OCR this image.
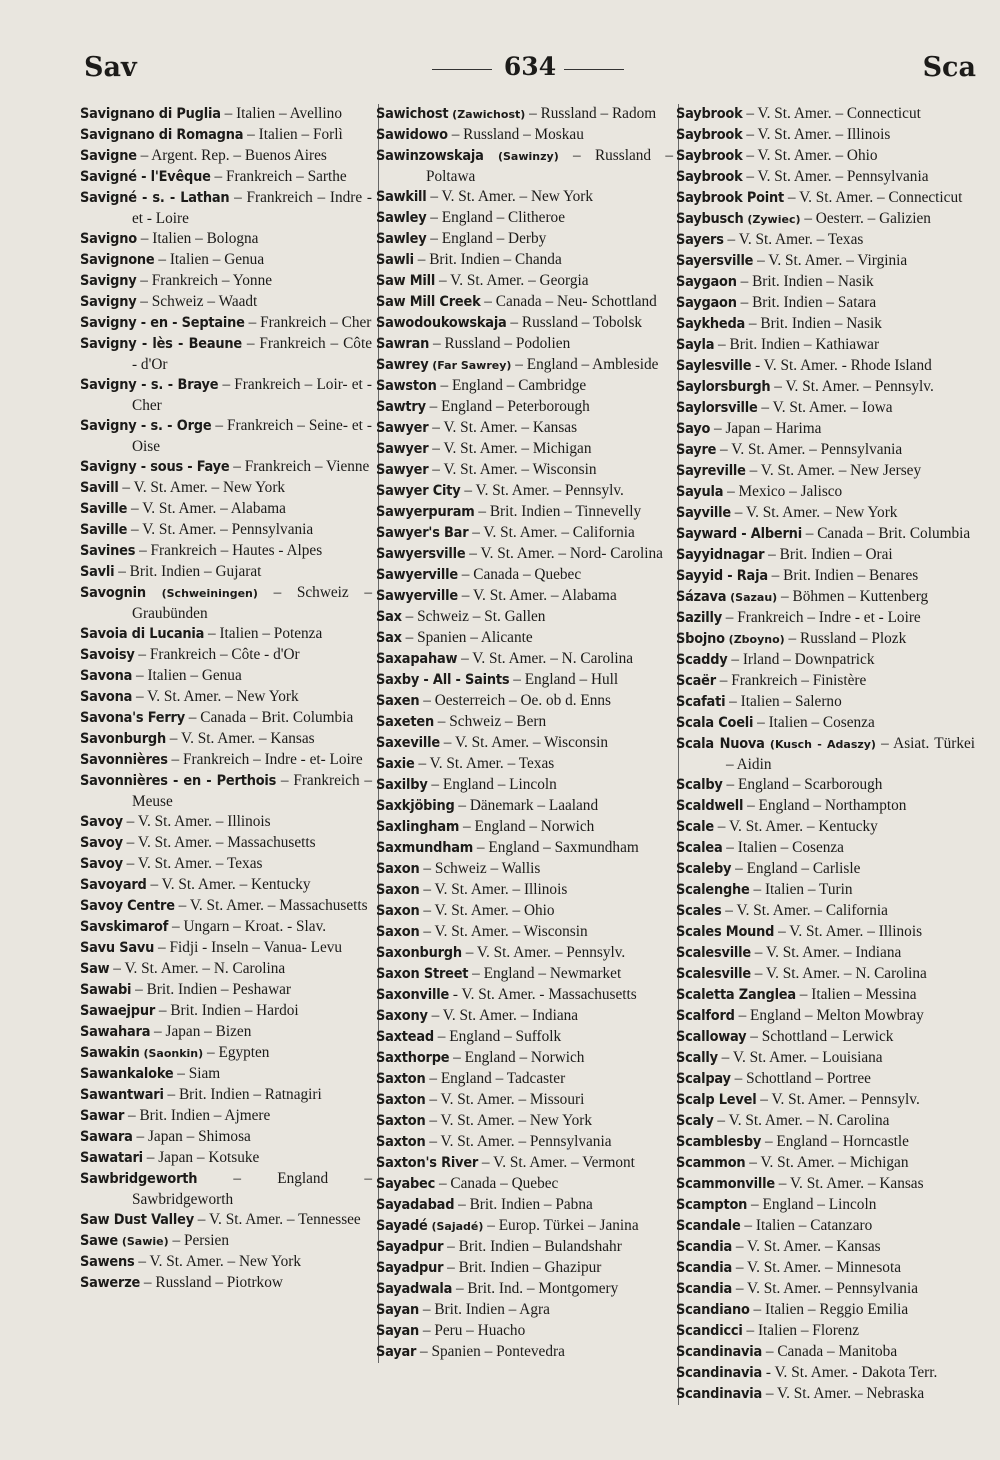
Sav	634	Sca
Savignano di Puglia – Italien – Avellino
Savignano di Romagna – Italien – Forlì
Savigne – Argent. Rep. – Buenos Aires
Savigné - l'Evêque – Frankreich – Sarthe
Savigné - s. - Lathan – Frankreich – Indre - et - Loire
Savigno – Italien – Bologna
Savignone – Italien – Genua
Savigny – Frankreich – Yonne
Savigny – Schweiz – Waadt
Savigny - en - Septaine – Frankreich – Cher
Savigny - lès - Beaune – Frankreich – Côte - d'Or
Savigny - s. - Braye – Frankreich – Loir- et - Cher
Savigny - s. - Orge – Frankreich – Seine- et - Oise
Savigny - sous - Faye – Frankreich – Vienne
Savill – V. St. Amer. – New York
Saville – V. St. Amer. – Alabama
Saville – V. St. Amer. – Pennsylvania
Savines – Frankreich – Hautes - Alpes
Savli – Brit. Indien – Gujarat
Savognin (Schweiningen) – Schweiz – Graubünden
Savoia di Lucania – Italien – Potenza
Savoisy – Frankreich – Côte - d'Or
Savona – Italien – Genua
Savona – V. St. Amer. – New York
Savona's Ferry – Canada – Brit. Columbia
Savonburgh – V. St. Amer. – Kansas
Savonnières – Frankreich – Indre - et- Loire
Savonnières - en - Perthois – Frankreich – Meuse
Savoy – V. St. Amer. – Illinois
Savoy – V. St. Amer. – Massachusetts
Savoy – V. St. Amer. – Texas
Savoyard – V. St. Amer. – Kentucky
Savoy Centre – V. St. Amer. – Massachusetts
Savskimarof – Ungarn – Kroat. - Slav.
Savu Savu – Fidji - Inseln – Vanua- Levu
Saw – V. St. Amer. – N. Carolina
Sawabi – Brit. Indien – Peshawar
Sawaejpur – Brit. Indien – Hardoi
Sawahara – Japan – Bizen
Sawakin (Saonkin) – Egypten
Sawankaloke – Siam
Sawantwari – Brit. Indien – Ratnagiri
Sawar – Brit. Indien – Ajmere
Sawara – Japan – Shimosa
Sawatari – Japan – Kotsuke
Sawbridgeworth – England – Sawbridgeworth
Saw Dust Valley – V. St. Amer. – Tennessee
Sawe (Sawie) – Persien
Sawens – V. St. Amer. – New York
Sawerze – Russland – Piotrkow
Sawichost (Zawichost) – Russland – Radom
Sawidowo – Russland – Moskau
Sawinzowskaja (Sawinzy) – Russland – Poltawa
Sawkill – V. St. Amer. – New York
Sawley – England – Clitheroe
Sawley – England – Derby
Sawli – Brit. Indien – Chanda
Saw Mill – V. St. Amer. – Georgia
Saw Mill Creek – Canada – Neu- Schottland
Sawodoukowskaja – Russland – Tobolsk
Sawran – Russland – Podolien
Sawrey (Far Sawrey) – England – Ambleside
Sawston – England – Cambridge
Sawtry – England – Peterborough
Sawyer – V. St. Amer. – Kansas
Sawyer – V. St. Amer. – Michigan
Sawyer – V. St. Amer. – Wisconsin
Sawyer City – V. St. Amer. – Pennsylv.
Sawyerpuram – Brit. Indien – Tinnevelly
Sawyer's Bar – V. St. Amer. – California
Sawyersville – V. St. Amer. – Nord- Carolina
Sawyerville – Canada – Quebec
Sawyerville – V. St. Amer. – Alabama
Sax – Schweiz – St. Gallen
Sax – Spanien – Alicante
Saxapahaw – V. St. Amer. – N. Carolina
Saxby - All - Saints – England – Hull
Saxen – Oesterreich – Oe. ob d. Enns
Saxeten – Schweiz – Bern
Saxeville – V. St. Amer. – Wisconsin
Saxie – V. St. Amer. – Texas
Saxilby – England – Lincoln
Saxkjöbing – Dänemark – Laaland
Saxlingham – England – Norwich
Saxmundham – England – Saxmundham
Saxon – Schweiz – Wallis
Saxon – V. St. Amer. – Illinois
Saxon – V. St. Amer. – Ohio
Saxon – V. St. Amer. – Wisconsin
Saxonburgh – V. St. Amer. – Pennsylv.
Saxon Street – England – Newmarket
Saxonville - V. St. Amer. - Massachusetts
Saxony – V. St. Amer. – Indiana
Saxtead – England – Suffolk
Saxthorpe – England – Norwich
Saxton – England – Tadcaster
Saxton – V. St. Amer. – Missouri
Saxton – V. St. Amer. – New York
Saxton – V. St. Amer. – Pennsylvania
Saxton's River – V. St. Amer. – Vermont
Sayabec – Canada – Quebec
Sayadabad – Brit. Indien – Pabna
Sayadé (Sajadé) – Europ. Türkei – Janina
Sayadpur – Brit. Indien – Bulandshahr
Sayadpur – Brit. Indien – Ghazipur
Sayadwala – Brit. Ind. – Montgomery
Sayan – Brit. Indien – Agra
Sayan – Peru – Huacho
Sayar – Spanien – Pontevedra
Saybrook – V. St. Amer. – Connecticut
Saybrook – V. St. Amer. – Illinois
Saybrook – V. St. Amer. – Ohio
Saybrook – V. St. Amer. – Pennsylvania
Saybrook Point – V. St. Amer. – Connecticut
Saybusch (Zywiec) – Oesterr. – Galizien
Sayers – V. St. Amer. – Texas
Sayersville – V. St. Amer. – Virginia
Saygaon – Brit. Indien – Nasik
Saygaon – Brit. Indien – Satara
Saykheda – Brit. Indien – Nasik
Sayla – Brit. Indien – Kathiawar
Saylesville - V. St. Amer. - Rhode Island
Saylorsburgh – V. St. Amer. – Pennsylv.
Saylorsville – V. St. Amer. – Iowa
Sayo – Japan – Harima
Sayre – V. St. Amer. – Pennsylvania
Sayreville – V. St. Amer. – New Jersey
Sayula – Mexico – Jalisco
Sayville – V. St. Amer. – New York
Sayward - Alberni – Canada – Brit. Columbia
Sayyidnagar – Brit. Indien – Orai
Sayyid - Raja – Brit. Indien – Benares
Sázava (Sazau) – Böhmen – Kuttenberg
Sazilly – Frankreich – Indre - et - Loire
Sbojno (Zboyno) – Russland – Plozk
Scaddy – Irland – Downpatrick
Scaër – Frankreich – Finistère
Scafati – Italien – Salerno
Scala Coeli – Italien – Cosenza
Scala Nuova (Kusch - Adaszy) – Asiat. Türkei – Aidin
Scalby – England – Scarborough
Scaldwell – England – Northampton
Scale – V. St. Amer. – Kentucky
Scalea – Italien – Cosenza
Scaleby – England – Carlisle
Scalenghe – Italien – Turin
Scales – V. St. Amer. – California
Scales Mound – V. St. Amer. – Illinois
Scalesville – V. St. Amer. – Indiana
Scalesville – V. St. Amer. – N. Carolina
Scaletta Zanglea – Italien – Messina
Scalford – England – Melton Mowbray
Scalloway – Schottland – Lerwick
Scally – V. St. Amer. – Louisiana
Scalpay – Schottland – Portree
Scalp Level – V. St. Amer. – Pennsylv.
Scaly – V. St. Amer. – N. Carolina
Scamblesby – England – Horncastle
Scammon – V. St. Amer. – Michigan
Scammonville – V. St. Amer. – Kansas
Scampton – England – Lincoln
Scandale – Italien – Catanzaro
Scandia – V. St. Amer. – Kansas
Scandia – V. St. Amer. – Minnesota
Scandia – V. St. Amer. – Pennsylvania
Scandiano – Italien – Reggio Emilia
Scandicci – Italien – Florenz
Scandinavia – Canada – Manitoba
Scandinavia - V. St. Amer. - Dakota Terr.
Scandinavia – V. St. Amer. – Nebraska
